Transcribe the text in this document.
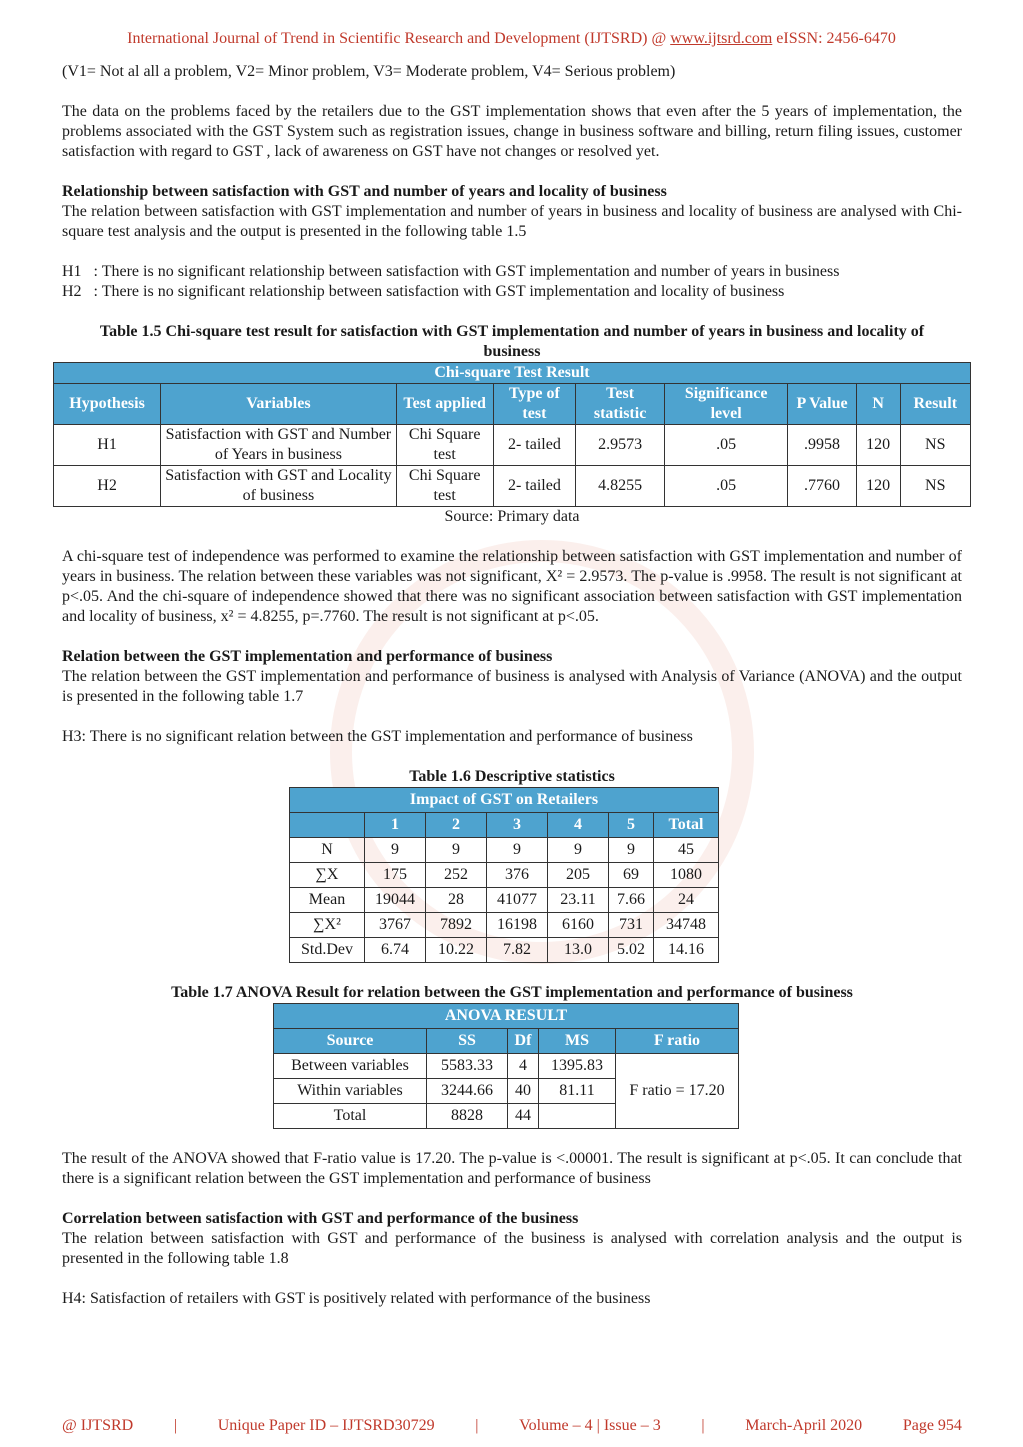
International Journal of Trend in Scientific Research and Development (IJTSRD) @ www.ijtsrd.com eISSN: 2456-6470

(V1= Not al all a problem, V2= Minor problem, V3= Moderate problem, V4= Serious problem)

The data on the problems faced by the retailers due to the GST implementation shows that even after the 5 years of implementation, the problems associated with the GST System such as registration issues, change in business software and billing, return filing issues, customer satisfaction with regard to GST , lack of awareness on GST have not changes or resolved yet.

Relationship between satisfaction with GST and number of years and locality of business

The relation between satisfaction with GST implementation and number of years in business and locality of business are analysed with Chi-square test analysis and the output is presented in the following table 1.5

H1   : There is no significant relationship between satisfaction with GST implementation and number of years in business

H2   : There is no significant relationship between satisfaction with GST implementation and locality of business

Table 1.5 Chi-square test result for satisfaction with GST implementation and number of years in business and locality of business

Chi-square Test Result								
Hypothesis	Variables	Test applied	Type of test	Test statistic	Significance level	P Value	N	Result
H1	Satisfaction with GST and Number of Years in business	Chi Square test	2- tailed	2.9573	.05	.9958	120	NS
H2	Satisfaction with GST and Locality of business	Chi Square test	2- tailed	4.8255	.05	.7760	120	NS

Source: Primary data

A chi-square test of independence was performed to examine the relationship between satisfaction with GST implementation and number of years in business. The relation between these variables was not significant, X² = 2.9573. The p-value is .9958. The result is not significant at p<.05. And the chi-square of independence showed that there was no significant association between satisfaction with GST implementation and locality of business, x² = 4.8255, p=.7760. The result is not significant at p<.05.

Relation between the GST implementation and performance of business

The relation between the GST implementation and performance of business is analysed with Analysis of Variance (ANOVA) and the output is presented in the following table 1.7

H3: There is no significant relation between the GST implementation and performance of business

Table 1.6 Descriptive statistics

Impact of GST on Retailers						
	1	2	3	4	5	Total
N	9	9	9	9	9	45
∑X	175	252	376	205	69	1080
Mean	19044	28	41077	23.11	7.66	24
∑X²	3767	7892	16198	6160	731	34748
Std.Dev	6.74	10.22	7.82	13.0	5.02	14.16

Table 1.7 ANOVA Result for relation between the GST implementation and performance of business

ANOVA RESULT				
Source	SS	Df	MS	F ratio
Between variables	5583.33	4	1395.83	F ratio = 17.20
Within variables	3244.66	40	81.11	
Total	8828	44		

The result of the ANOVA showed that F-ratio value is 17.20. The p-value is <.00001. The result is significant at p<.05. It can conclude that there is a significant relation between the GST implementation and performance of business

Correlation between satisfaction with GST and performance of the business

The relation between satisfaction with GST and performance of the business is analysed with correlation analysis and the output is presented in the following table 1.8

H4: Satisfaction of retailers with GST is positively related with performance of the business

@ IJTSRD	|	Unique Paper ID – IJTSRD30729	|	Volume – 4 | Issue – 3	|	March-April 2020	Page 954
